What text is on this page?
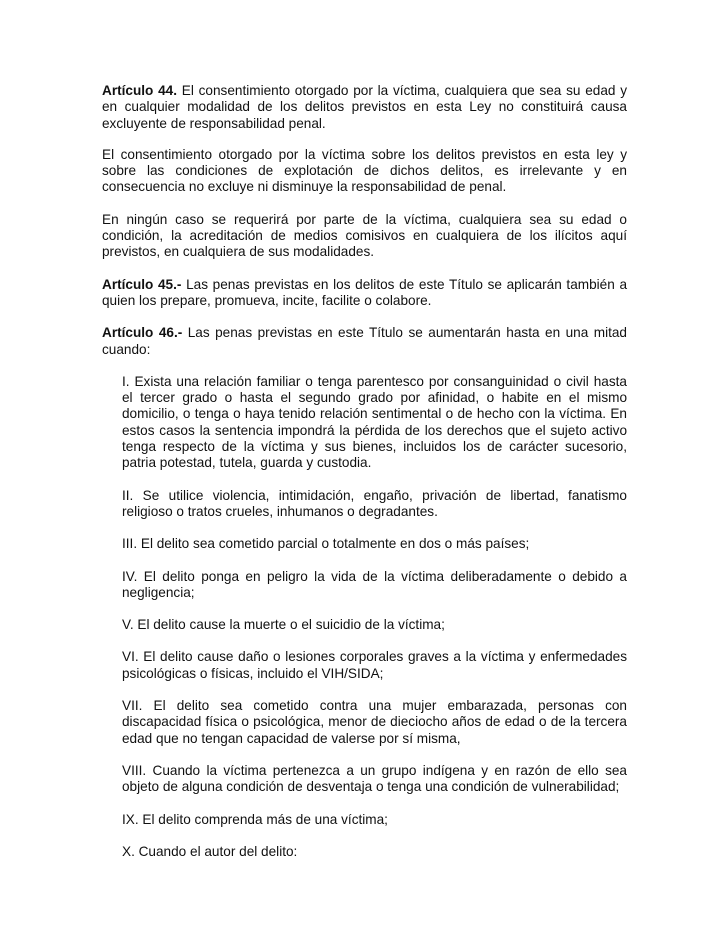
Artículo 44. El consentimiento otorgado por la víctima, cualquiera que sea su edad y en cualquier modalidad de los delitos previstos en esta Ley no constituirá causa excluyente de responsabilidad penal.

El consentimiento otorgado por la víctima sobre los delitos previstos en esta ley y sobre las condiciones de explotación de dichos delitos, es irrelevante y en consecuencia no excluye ni disminuye la responsabilidad de penal.

En ningún caso se requerirá por parte de la víctima, cualquiera sea su edad o condición, la acreditación de medios comisivos en cualquiera de los ilícitos aquí previstos, en cualquiera de sus modalidades.

Artículo 45.- Las penas previstas en los delitos de este Título se aplicarán también a quien los prepare, promueva, incite, facilite o colabore.

Artículo 46.- Las penas previstas en este Título se aumentarán hasta en una mitad cuando:

I. Exista una relación familiar o tenga parentesco por consanguinidad o civil hasta el tercer grado o hasta el segundo grado por afinidad, o habite en el mismo domicilio, o tenga o haya tenido relación sentimental o de hecho con la víctima. En estos casos la sentencia impondrá la pérdida de los derechos que el sujeto activo tenga respecto de la víctima y sus bienes, incluidos los de carácter sucesorio, patria potestad, tutela, guarda y custodia.

II. Se utilice violencia, intimidación, engaño, privación de libertad, fanatismo religioso o tratos crueles, inhumanos o degradantes.

III. El delito sea cometido parcial o totalmente en dos o más países;

IV. El delito ponga en peligro la vida de la víctima deliberadamente o debido a negligencia;

V. El delito cause la muerte o el suicidio de la víctima;

VI. El delito cause daño o lesiones corporales graves a la víctima y enfermedades psicológicas o físicas, incluido el VIH/SIDA;

VII. El delito sea cometido contra una mujer embarazada, personas con discapacidad física o psicológica, menor de dieciocho años de edad o de la tercera edad que no tengan capacidad de valerse por sí misma,

VIII. Cuando la víctima pertenezca a un grupo indígena y en razón de ello sea objeto de alguna condición de desventaja o tenga una condición de vulnerabilidad;

IX. El delito comprenda más de una víctima;

X. Cuando el autor del delito:
